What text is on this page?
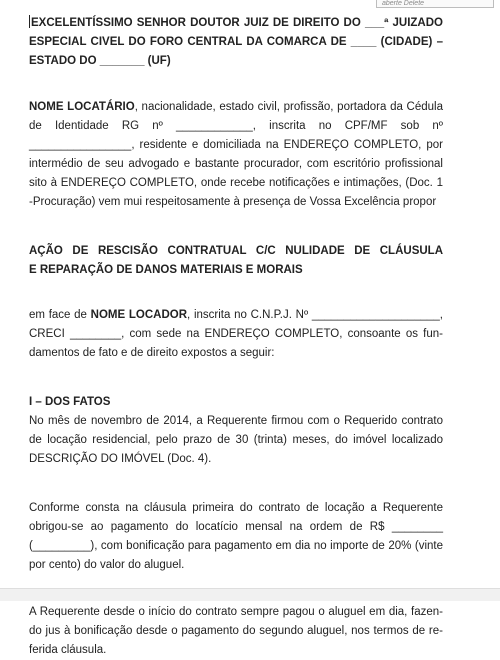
aberte Delete
EXCELENTÍSSIMO SENHOR DOUTOR JUIZ DE DIREITO DO ___ª JUIZADO
ESPECIAL CIVEL DO FORO CENTRAL DA COMARCA DE ____ (CIDADE) –
ESTADO DO _______ (UF)
NOME LOCATÁRIO, nacionalidade, estado civil, profissão, portadora da Cédula
de Identidade RG nº ____________, inscrita no CPF/MF sob nº
________________, residente e domiciliada na ENDEREÇO COMPLETO, por
intermédio de seu advogado e bastante procurador, com escritório profissional
sito à ENDEREÇO COMPLETO, onde recebe notificações e intimações, (Doc. 1
-Procuração) vem mui respeitosamente à presença de Vossa Excelência propor
AÇÃO DE RESCISÃO CONTRATUAL C/C NULIDADE DE CLÁUSULA
E REPARAÇÃO DE DANOS MATERIAIS E MORAIS
em face de NOME LOCADOR, inscrita no C.N.P.J. Nº ____________________,
CRECI ________, com sede na ENDEREÇO COMPLETO, consoante os fun-
damentos de fato e de direito expostos a seguir:
I – DOS FATOS
No mês de novembro de 2014, a Requerente firmou com o Requerido contrato
de locação residencial, pelo prazo de 30 (trinta) meses, do imóvel localizado
DESCRIÇÃO DO IMÓVEL (Doc. 4).
Conforme consta na cláusula primeira do contrato de locação a Requerente
obrigou-se ao pagamento do locatício mensal na ordem de R$ ________
(_________), com bonificação para pagamento em dia no importe de 20% (vinte
por cento) do valor do aluguel.
A Requerente desde o início do contrato sempre pagou o aluguel em dia, fazen-
do jus à bonificação desde o pagamento do segundo aluguel, nos termos de re-
ferida cláusula.
